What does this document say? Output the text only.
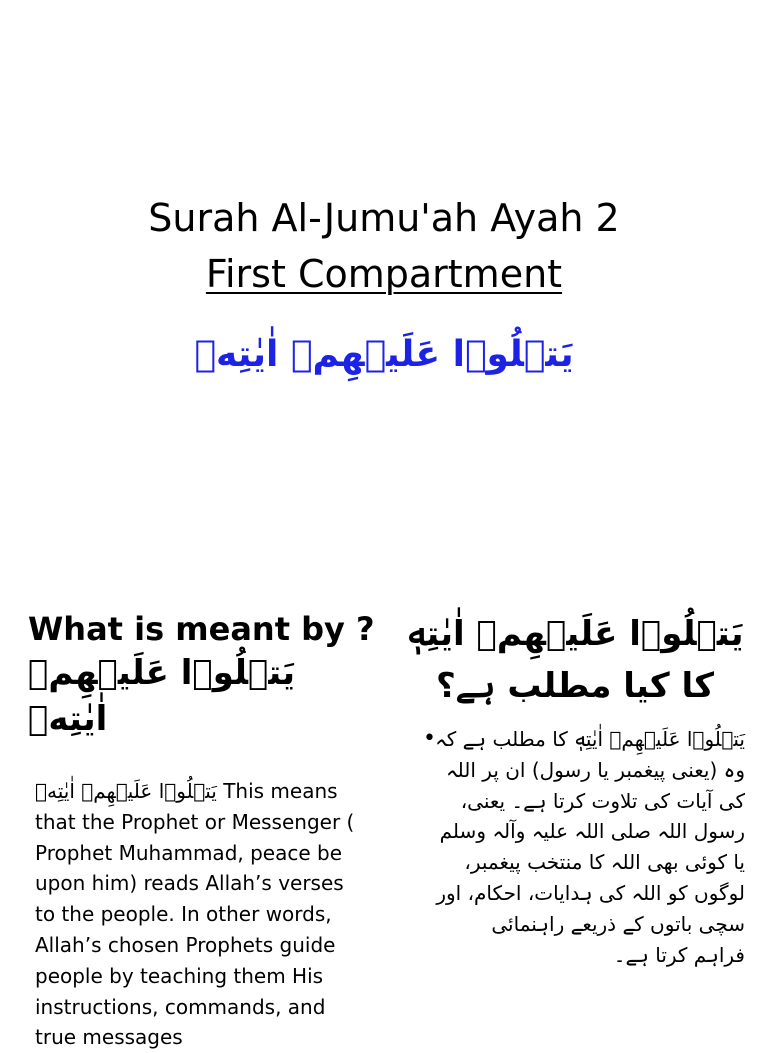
Surah Al-Jumu'ah Ayah 2
First Compartment
يَتۡلُوۡا عَلَيۡهِمۡ اٰيٰتِهٖ
What is meant by ?
يَتۡلُوۡا عَلَيۡهِمۡ اٰيٰتِهٖ
يَتۡلُوۡا عَلَيۡهِمۡ اٰيٰتِهٖ This means that the Prophet or Messenger ( Prophet Muhammad, peace be upon him) reads Allah’s verses to the people. In other words, Allah’s chosen Prophets guide people by teaching them His instructions, commands, and true messages
يَتۡلُوۡا عَلَيۡهِمۡ اٰيٰتِهٖ کا کیا مطلب ہے؟
• يَتۡلُوۡا عَلَيۡهِمۡ اٰيٰتِهٖ کا مطلب ہے کہ وہ (یعنی پیغمبر یا رسول) ان پر اللہ کی آیات کی تلاوت کرتا ہے۔ یعنی، رسول اللہ صلی اللہ علیہ وآلہ وسلم یا کوئی بھی اللہ کا منتخب پیغمبر، لوگوں کو اللہ کی ہدایات، احکام، اور سچی باتوں کے ذریعے راہنمائی فراہم کرتا ہے۔
